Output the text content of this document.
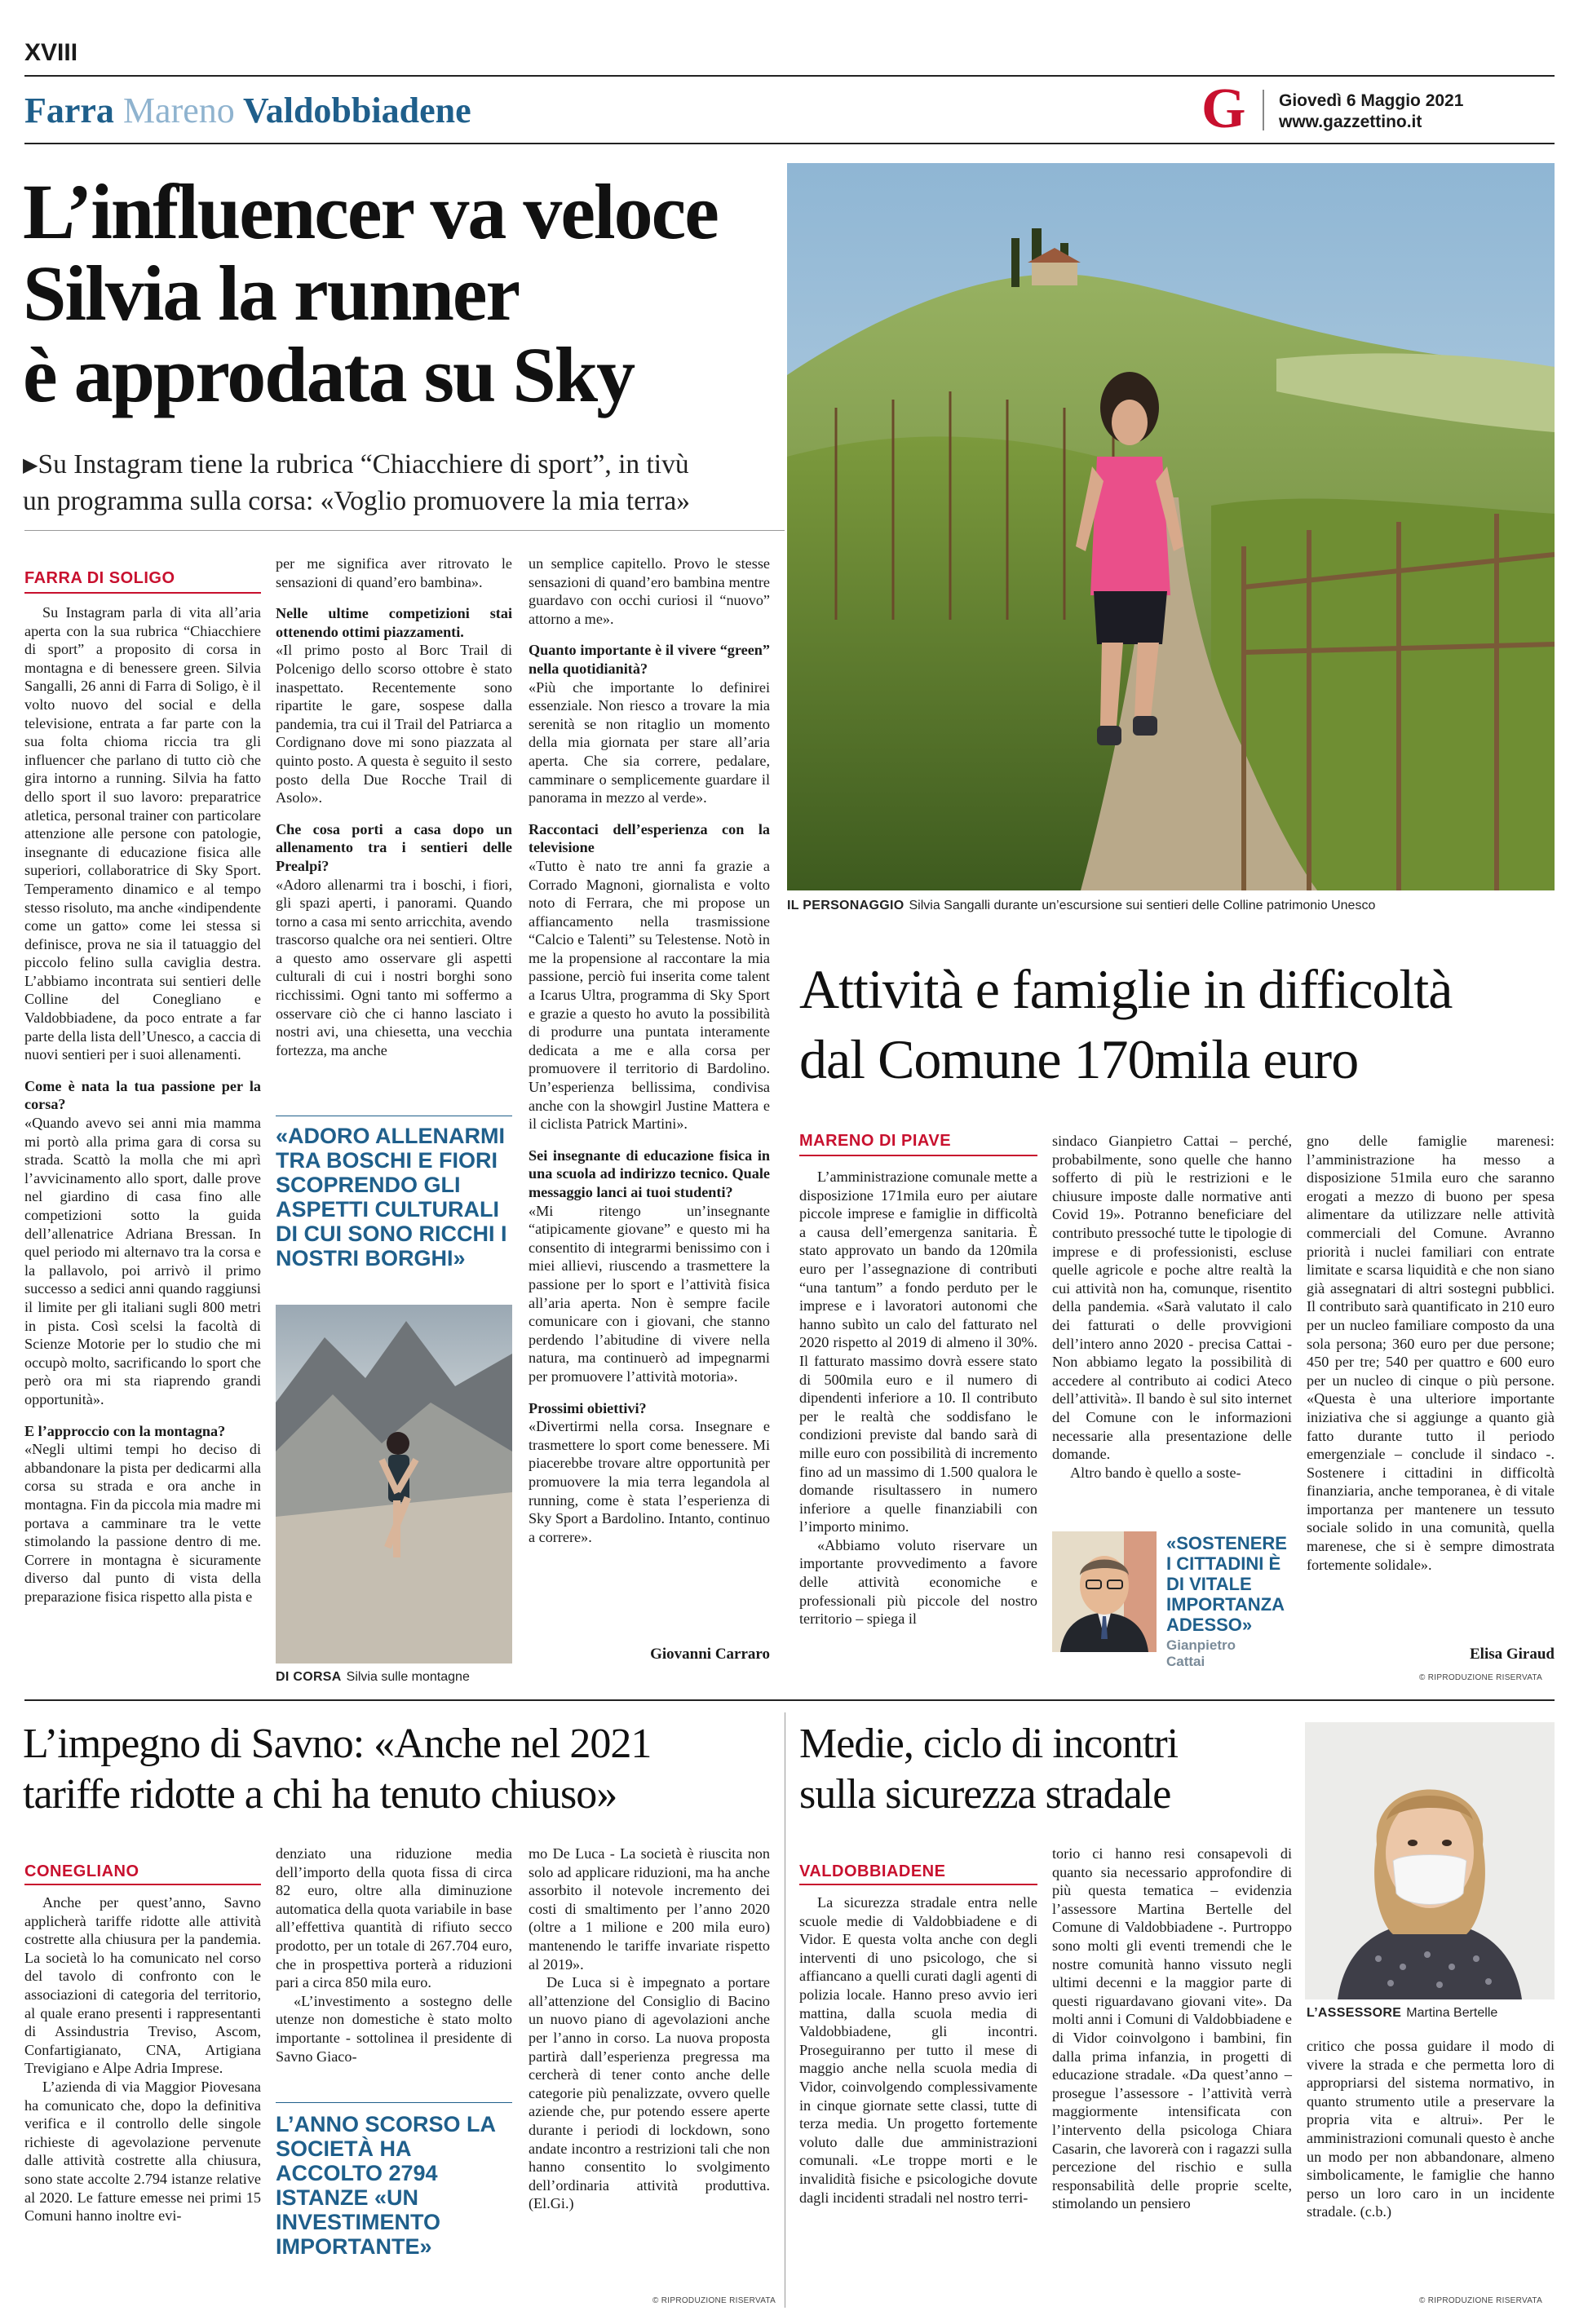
XVIII
Farra Mareno Valdobbiadene	G	Giovedì 6 Maggio 2021
www.gazzettino.it
L’influencer va veloce
Silvia la runner
è approdata su Sky
▶Su Instagram tiene la rubrica “Chiacchiere di sport”, in tivù
un programma sulla corsa: «Voglio promuovere la mia terra»
FARRA DI SOLIGO

Su Instagram parla di vita all’aria aperta con la sua rubrica “Chiacchiere di sport” a proposito di corsa in montagna e di benessere green. Silvia Sangalli, 26 anni di Farra di Soligo, è il volto nuovo del social e della televisione, entrata a far parte con la sua folta chioma riccia tra gli influencer che parlano di tutto ciò che gira intorno a running. Silvia ha fatto dello sport il suo lavoro: preparatrice atletica, personal trainer con particolare attenzione alle persone con patologie, insegnante di educazione fisica alle superiori, collaboratrice di Sky Sport. Temperamento dinamico e al tempo stesso risoluto, ma anche «indipendente come un gatto» come lei stessa si definisce, prova ne sia il tatuaggio del piccolo felino sulla caviglia destra. L’abbiamo incontrata sui sentieri delle Colline del Conegliano e Valdobbiadene, da poco entrate a far parte della lista dell’Unesco, a caccia di nuovi sentieri per i suoi allenamenti.

Come è nata la tua passione per la corsa?

«Quando avevo sei anni mia mamma mi portò alla prima gara di corsa su strada. Scattò la molla che mi aprì l’avvicinamento allo sport, dalle prove nel giardino di casa fino alle competizioni sotto la guida dell’allenatrice Adriana Bressan. In quel periodo mi alternavo tra la corsa e la pallavolo, poi arrivò il primo successo a sedici anni quando raggiunsi il limite per gli italiani sugli 800 metri in pista. Così scelsi la facoltà di Scienze Motorie per lo studio che mi occupò molto, sacrificando lo sport che però ora mi sta riaprendo grandi opportunità».

E l’approccio con la montagna?

«Negli ultimi tempi ho deciso di abbandonare la pista per dedicarmi alla corsa su strada e ora anche in montagna. Fin da piccola mia madre mi portava a camminare tra le vette stimolando la passione dentro di me. Correre in montagna è sicuramente diverso dal punto di vista della preparazione fisica rispetto alla pista e

per me significa aver ritrovato le sensazioni di quand’ero bambina».

Nelle ultime competizioni stai ottenendo ottimi piazzamenti.

«Il primo posto al Borc Trail di Polcenigo dello scorso ottobre è stato inaspettato. Recentemente sono ripartite le gare, sospese dalla pandemia, tra cui il Trail del Patriarca a Cordignano dove mi sono piazzata al quinto posto. A questa è seguito il sesto posto della Due Rocche Trail di Asolo».

Che cosa porti a casa dopo un allenamento tra i sentieri delle Prealpi?

«Adoro allenarmi tra i boschi, i fiori, gli spazi aperti, i panorami. Quando torno a casa mi sento arricchita, avendo trascorso qualche ora nei sentieri. Oltre a questo amo osservare gli aspetti culturali di cui i nostri borghi sono ricchissimi. Ogni tanto mi soffermo a osservare ciò che ci hanno lasciato i nostri avi, una chiesetta, una vecchia fortezza, ma anche

«ADORO ALLENARMI TRA BOSCHI E FIORI SCOPRENDO GLI ASPETTI CULTURALI DI CUI SONO RICCHI I NOSTRI BORGHI»
DI CORSA Silvia sulle montagne

un semplice capitello. Provo le stesse sensazioni di quand’ero bambina mentre guardavo con occhi curiosi il “nuovo” attorno a me».

Quanto importante è il vivere “green” nella quotidianità?

«Più che importante lo definirei essenziale. Non riesco a trovare la mia serenità se non ritaglio un momento della mia giornata per stare all’aria aperta. Che sia correre, pedalare, camminare o semplicemente guardare il panorama in mezzo al verde».

Raccontaci dell’esperienza con la televisione

«Tutto è nato tre anni fa grazie a Corrado Magnoni, giornalista e volto noto di Ferrara, che mi propose un affiancamento nella trasmissione “Calcio e Talenti” su Telestense. Notò in me la propensione al raccontare la mia passione, perciò fui inserita come talent a Icarus Ultra, programma di Sky Sport e grazie a questo ho avuto la possibilità di produrre una puntata interamente dedicata a me e alla corsa per promuovere il territorio di Bardolino. Un’esperienza bellissima, condivisa anche con la showgirl Justine Mattera e il ciclista Patrick Martini».

Sei insegnante di educazione fisica in una scuola ad indirizzo tecnico. Quale messaggio lanci ai tuoi studenti?

«Mi ritengo un’insegnante “atipicamente giovane” e questo mi ha consentito di integrarmi benissimo con i miei allievi, riuscendo a trasmettere la passione per lo sport e l’attività fisica all’aria aperta. Non è sempre facile comunicare con i giovani, che stanno perdendo l’abitudine di vivere nella natura, ma continuerò ad impegnarmi per promuovere l’attività motoria».

Prossimi obiettivi?

«Divertirmi nella corsa. Insegnare e trasmettere lo sport come benessere. Mi piacerebbe trovare altre opportunità per promuovere la mia terra legandola al running, come è stata l’esperienza di Sky Sport a Bardolino. Intanto, continuo a correre».

Giovanni Carraro
IL PERSONAGGIO Silvia Sangalli durante un’escursione sui sentieri delle Colline patrimonio Unesco
Attività e famiglie in difficoltà
dal Comune 170mila euro
MARENO DI PIAVE

L’amministrazione comunale mette a disposizione 171mila euro per aiutare piccole imprese e famiglie in difficoltà a causa dell’emergenza sanitaria. È stato approvato un bando da 120mila euro per l’assegnazione di contributi “una tantum” a fondo perduto per le imprese e i lavoratori autonomi che hanno subìto un calo del fatturato nel 2020 rispetto al 2019 di almeno il 30%. Il fatturato massimo dovrà essere stato di 500mila euro e il numero di dipendenti inferiore a 10. Il contributo per le realtà che soddisfano le condizioni previste dal bando sarà di mille euro con possibilità di incremento fino ad un massimo di 1.500 qualora le domande risultassero in numero inferiore a quelle finanziabili con l’importo minimo.

«Abbiamo voluto riservare un importante provvedimento a favore delle attività economiche e professionali più piccole del nostro territorio – spiega il

sindaco Gianpietro Cattai – perché, probabilmente, sono quelle che hanno sofferto di più le restrizioni e le chiusure imposte dalle normative anti Covid 19». Potranno beneficiare del contributo pressoché tutte le tipologie di imprese e di professionisti, escluse quelle agricole e poche altre realtà la cui attività non ha, comunque, risentito della pandemia. «Sarà valutato il calo dei fatturati o delle provvigioni dell’intero anno 2020 - precisa Cattai - Non abbiamo legato la possibilità di accedere al contributo ai codici Ateco dell’attività». Il bando è sul sito internet del Comune con le informazioni necessarie alla presentazione delle domande.

Altro bando è quello a soste-

«SOSTENERE I CITTADINI È DI VITALE IMPORTANZA ADESSO»
Gianpietro Cattai

gno delle famiglie marenesi: l’amministrazione ha messo a disposizione 51mila euro che saranno erogati a mezzo di buono per spesa alimentare da utilizzare nelle attività commerciali del Comune. Avranno priorità i nuclei familiari con entrate limitate e scarsa liquidità e che non siano già assegnatari di altri sostegni pubblici. Il contributo sarà quantificato in 210 euro per un nucleo familiare composto da una sola persona; 360 euro per due persone; 450 per tre; 540 per quattro e 600 euro per un nucleo di cinque o più persone. «Questa è una ulteriore importante iniziativa che si aggiunge a quanto già fatto durante tutto il periodo emergenziale – conclude il sindaco -. Sostenere i cittadini in difficoltà finanziaria, anche temporanea, è di vitale importanza per mantenere un tessuto sociale solido in una comunità, quella marenese, che si è sempre dimostrata fortemente solidale».

Elisa Giraud
© RIPRODUZIONE RISERVATA
L’impegno di Savno: «Anche nel 2021
tariffe ridotte a chi ha tenuto chiuso»
CONEGLIANO

Anche per quest’anno, Savno applicherà tariffe ridotte alle attività costrette alla chiusura per la pandemia. La società lo ha comunicato nel corso del tavolo di confronto con le associazioni di categoria del territorio, al quale erano presenti i rappresentanti di Assindustria Treviso, Ascom, Confartigianato, CNA, Artigiana Trevigiano e Alpe Adria Imprese.

L’azienda di via Maggior Piovesana ha comunicato che, dopo la definitiva verifica e il controllo delle singole richieste di agevolazione pervenute dalle attività costrette alla chiusura, sono state accolte 2.794 istanze relative al 2020. Le fatture emesse nei primi 15 Comuni hanno inoltre evi-

denziato una riduzione media dell’importo della quota fissa di circa 82 euro, oltre alla diminuzione automatica della quota variabile in base all’effettiva quantità di rifiuto secco prodotto, per un totale di 267.704 euro, che in prospettiva porterà a riduzioni pari a circa 850 mila euro.

«L’investimento a sostegno delle utenze non domestiche è stato molto importante - sottolinea il presidente di Savno Giaco-

L’ANNO SCORSO LA SOCIETÀ HA ACCOLTO 2794 ISTANZE «UN INVESTIMENTO IMPORTANTE»

mo De Luca - La società è riuscita non solo ad applicare riduzioni, ma ha anche assorbito il notevole incremento dei costi di smaltimento per l’anno 2020 (oltre a 1 milione e 200 mila euro) mantenendo le tariffe invariate rispetto al 2019».

De Luca si è impegnato a portare all’attenzione del Consiglio di Bacino un nuovo piano di agevolazioni anche per l’anno in corso. La nuova proposta partirà dall’esperienza pregressa ma cercherà di tener conto anche delle categorie più penalizzate, ovvero quelle aziende che, pur potendo essere aperte durante i periodi di lockdown, sono andate incontro a restrizioni tali che non hanno consentito lo svolgimento dell’ordinaria attività produttiva. (El.Gi.)

© RIPRODUZIONE RISERVATA
Medie, ciclo di incontri
sulla sicurezza stradale
VALDOBBIADENE

La sicurezza stradale entra nelle scuole medie di Valdobbiadene e di Vidor. E questa volta anche con degli interventi di uno psicologo, che si affiancano a quelli curati dagli agenti di polizia locale. Hanno preso avvio ieri mattina, dalla scuola media di Valdobbiadene, gli incontri. Proseguiranno per tutto il mese di maggio anche nella scuola media di Vidor, coinvolgendo complessivamente in cinque giornate sette classi, tutte di terza media. Un progetto fortemente voluto dalle due amministrazioni comunali. «Le troppe morti e le invalidità fisiche e psicologiche dovute dagli incidenti stradali nel nostro terri-

torio ci hanno resi consapevoli di quanto sia necessario approfondire di più questa tematica – evidenzia l’assessore Martina Bertelle del Comune di Valdobbiadene -. Purtroppo sono molti gli eventi tremendi che le nostre comunità hanno vissuto negli ultimi decenni e la maggior parte di questi riguardavano giovani vite». Da molti anni i Comuni di Valdobbiadene e di Vidor coinvolgono i bambini, fin dalla prima infanzia, in progetti di educazione stradale. «Da quest’anno – prosegue l’assessore - l’attività verrà maggiormente intensificata con l’intervento della psicologa Chiara Casarin, che lavorerà con i ragazzi sulla percezione del rischio e sulla responsabilità delle proprie scelte, stimolando un pensiero

L’ASSESSORE Martina Bertelle

critico che possa guidare il modo di vivere la strada e che permetta loro di appropriarsi del sistema normativo, in quanto strumento utile a preservare la propria vita e altrui». Per le amministrazioni comunali questo è anche un modo per non abbandonare, almeno simbolicamente, le famiglie che hanno perso un loro caro in un incidente stradale. (c.b.)

© RIPRODUZIONE RISERVATA
